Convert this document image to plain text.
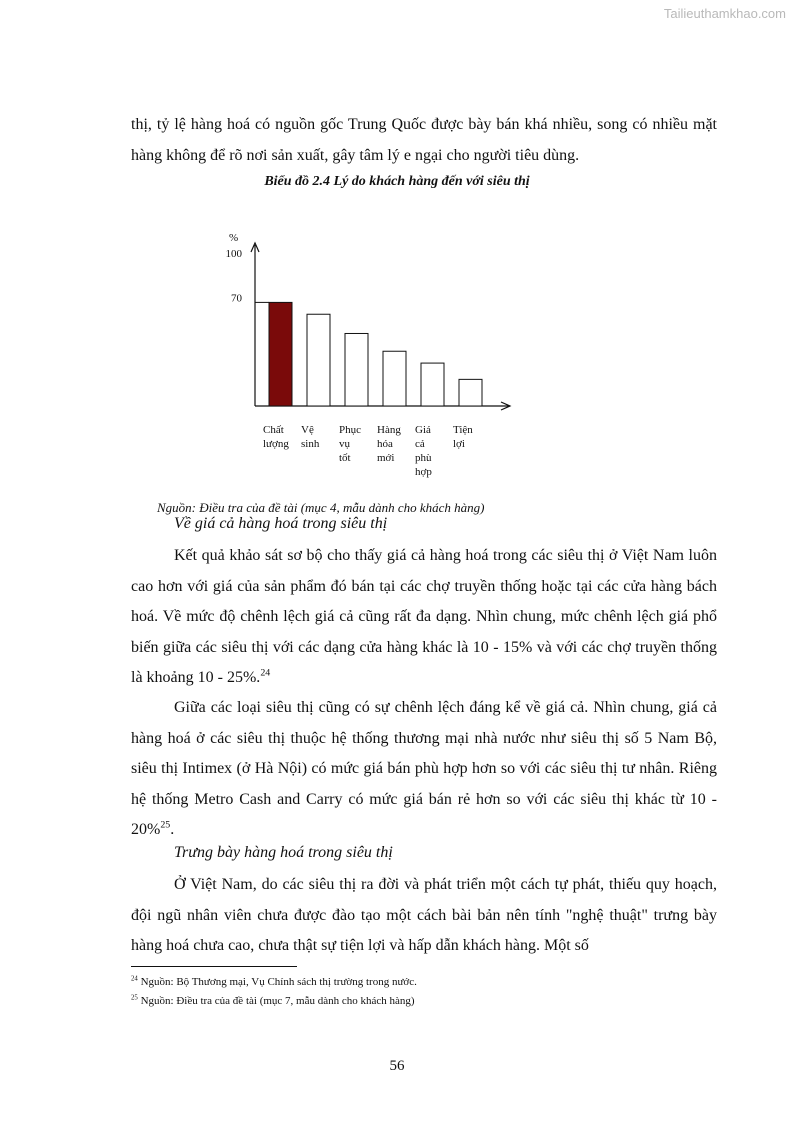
Tailieuthamkhao.com

thị, tỷ lệ hàng hoá có nguồn gốc Trung Quốc được bày bán khá nhiều, song có nhiều mặt hàng không để rõ nơi sản xuất, gây tâm lý e ngại cho người tiêu dùng.

Biểu đồ 2.4 Lý do khách hàng đến với siêu thị

%
100
70
Chất lượng
Vệ sinh
Phục vụ tốt
Hàng hóa mới
Giá cả phù hợp
Tiện lợi

Nguồn: Điều tra của đề tài (mục 4, mẫu dành cho khách hàng)

Về giá cả hàng hoá trong siêu thị

Kết quả khảo sát sơ bộ cho thấy giá cả hàng hoá trong các siêu thị ở Việt Nam luôn cao hơn với giá của sản phẩm đó bán tại các chợ truyền thống hoặc tại các cửa hàng bách hoá. Về mức độ chênh lệch giá cả cũng rất đa dạng. Nhìn chung, mức chênh lệch giá phổ biến giữa các siêu thị với các dạng cửa hàng khác là 10 - 15% và với các chợ truyền thống là khoảng 10 - 25%.$^{24}$

Giữa các loại siêu thị cũng có sự chênh lệch đáng kể về giá cả. Nhìn chung, giá cả hàng hoá ở các siêu thị thuộc hệ thống thương mại nhà nước như siêu thị số 5 Nam Bộ, siêu thị Intimex (ở Hà Nội) có mức giá bán phù hợp hơn so với các siêu thị tư nhân. Riêng hệ thống Metro Cash and Carry có mức giá bán rẻ hơn so với các siêu thị khác từ 10 - 20%$^{25}$.

Trưng bày hàng hoá trong siêu thị

Ở Việt Nam, do các siêu thị ra đời và phát triển một cách tự phát, thiếu quy hoạch, đội ngũ nhân viên chưa được đào tạo một cách bài bản nên tính "nghệ thuật" trưng bày hàng hoá chưa cao, chưa thật sự tiện lợi và hấp dẫn khách hàng. Một số

$^{24}$ Nguồn: Bộ Thương mại, Vụ Chính sách thị trường trong nước.

$^{25}$ Nguồn: Điều tra của đề tài (mục 7, mẫu dành cho khách hàng)

56
